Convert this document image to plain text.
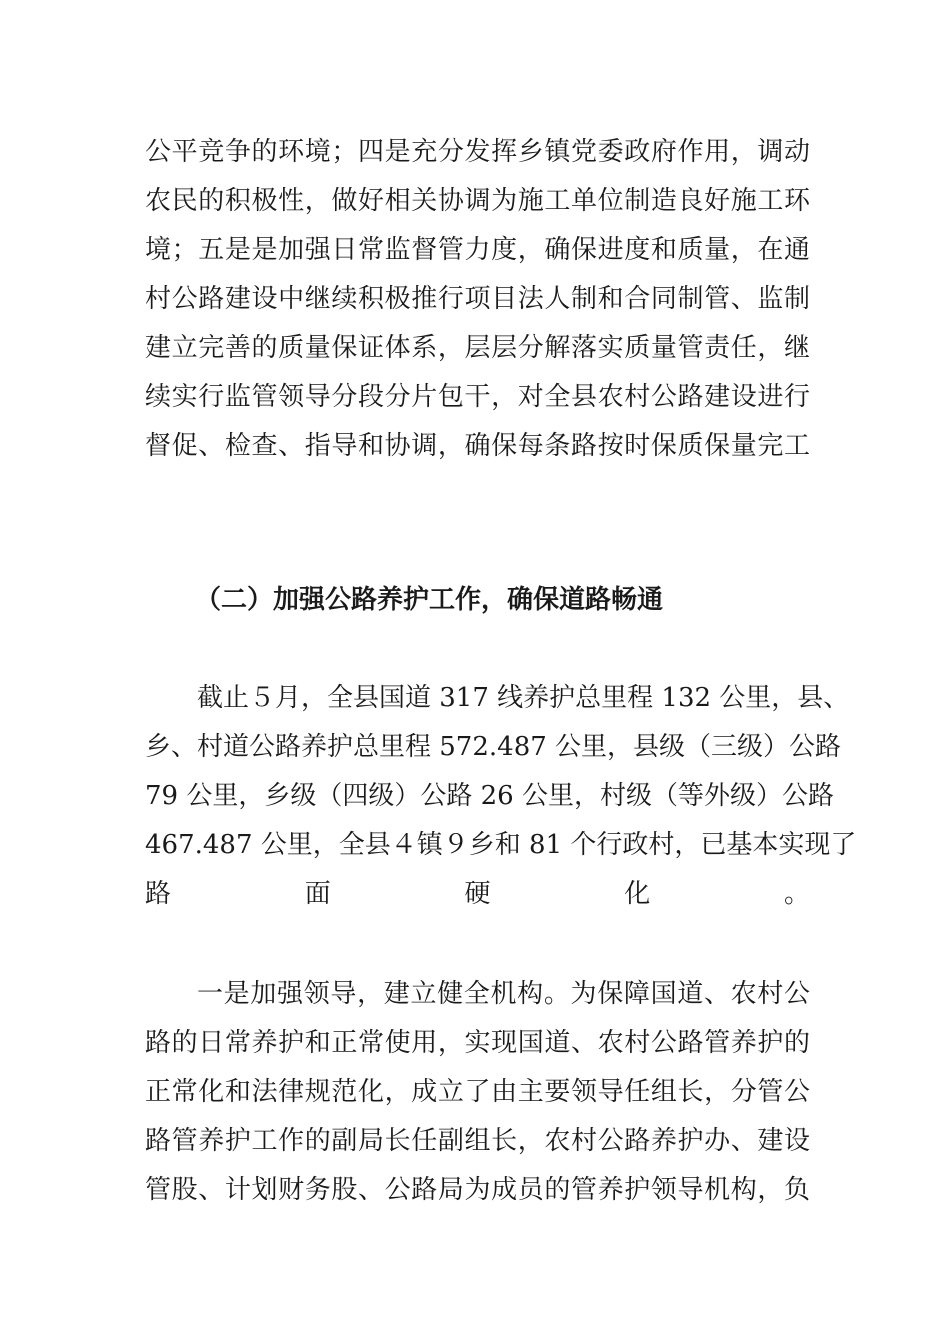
公平竞争的环境；四是充分发挥乡镇党委政府作用，调动
农民的积极性，做好相关协调为施工单位制造良好施工环
境；五是是加强日常监督管力度，确保进度和质量，在通
村公路建设中继续积极推行项目法人制和合同制管、监制
建立完善的质量保证体系，层层分解落实质量管责任，继
续实行监管领导分段分片包干，对全县农村公路建设进行
督促、检查、指导和协调，确保每条路按时保质保量完工
（二）加强公路养护工作，确保道路畅通
截止５月，全县国道 317 线养护总里程 132 公里，县、
乡、村道公路养护总里程 572.487 公里，县级（三级）公路
79 公里，乡级（四级）公路 26 公里，村级（等外级）公路
467.487 公里，全县４镇９乡和 81 个行政村，已基本实现了
路面硬化。
一是加强领导，建立健全机构。为保障国道、农村公
路的日常养护和正常使用，实现国道、农村公路管养护的
正常化和法律规范化，成立了由主要领导任组长，分管公
路管养护工作的副局长任副组长，农村公路养护办、建设
管股、计划财务股、公路局为成员的管养护领导机构，负
